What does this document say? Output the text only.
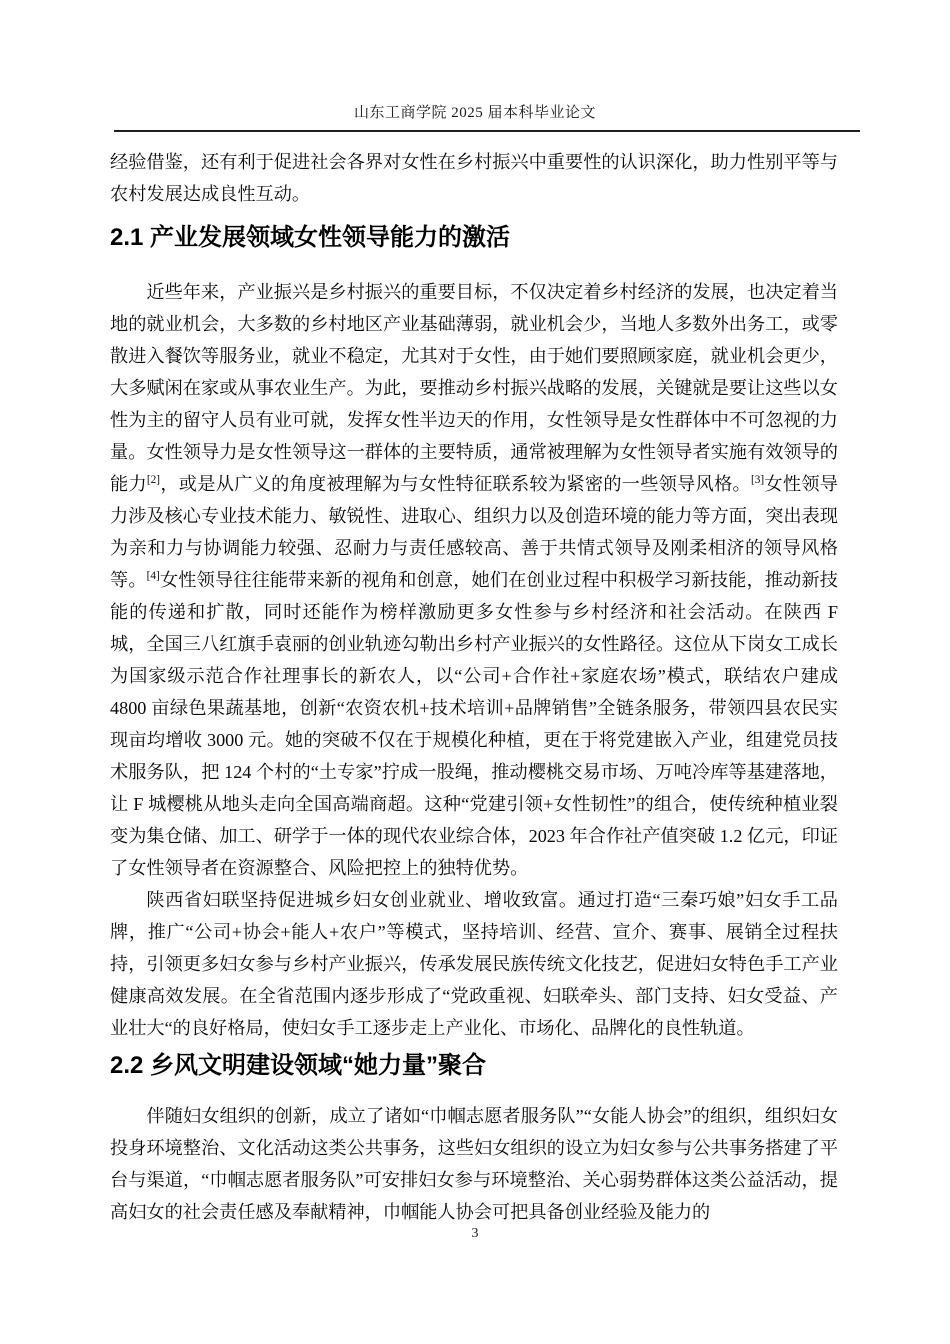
山东工商学院 2025 届本科毕业论文

经验借鉴，还有利于促进社会各界对女性在乡村振兴中重要性的认识深化，助力性别平等与农村发展达成良性互动。

2.1 产业发展领域女性领导能力的激活

近些年来，产业振兴是乡村振兴的重要目标，不仅决定着乡村经济的发展，也决定着当地的就业机会，大多数的乡村地区产业基础薄弱，就业机会少，当地人多数外出务工，或零散进入餐饮等服务业，就业不稳定，尤其对于女性，由于她们要照顾家庭，就业机会更少，大多赋闲在家或从事农业生产。为此，要推动乡村振兴战略的发展，关键就是要让这些以女性为主的留守人员有业可就，发挥女性半边天的作用，女性领导是女性群体中不可忽视的力量。女性领导力是女性领导这一群体的主要特质，通常被理解为女性领导者实施有效领导的能力[2]，或是从广义的角度被理解为与女性特征联系较为紧密的一些领导风格。[3]女性领导力涉及核心专业技术能力、敏锐性、进取心、组织力以及创造环境的能力等方面，突出表现为亲和力与协调能力较强、忍耐力与责任感较高、善于共情式领导及刚柔相济的领导风格等。[4]女性领导往往能带来新的视角和创意，她们在创业过程中积极学习新技能，推动新技能的传递和扩散，同时还能作为榜样激励更多女性参与乡村经济和社会活动。在陕西 F 城，全国三八红旗手袁丽的创业轨迹勾勒出乡村产业振兴的女性路径。这位从下岗女工成长为国家级示范合作社理事长的新农人，以“公司+合作社+家庭农场”模式，联结农户建成 4800 亩绿色果蔬基地，创新“农资农机+技术培训+品牌销售”全链条服务，带领四县农民实现亩均增收 3000 元。她的突破不仅在于规模化种植，更在于将党建嵌入产业，组建党员技术服务队，把 124 个村的“土专家”拧成一股绳，推动樱桃交易市场、万吨冷库等基建落地，让 F 城樱桃从地头走向全国高端商超。这种“党建引领+女性韧性”的组合，使传统种植业裂变为集仓储、加工、研学于一体的现代农业综合体，2023 年合作社产值突破 1.2 亿元，印证了女性领导者在资源整合、风险把控上的独特优势。

陕西省妇联坚持促进城乡妇女创业就业、增收致富。通过打造“三秦巧娘”妇女手工品牌，推广“公司+协会+能人+农户”等模式，坚持培训、经营、宣介、赛事、展销全过程扶持，引领更多妇女参与乡村产业振兴，传承发展民族传统文化技艺，促进妇女特色手工产业健康高效发展。在全省范围内逐步形成了“党政重视、妇联牵头、部门支持、妇女受益、产业壮大“的良好格局，使妇女手工逐步走上产业化、市场化、品牌化的良性轨道。

2.2 乡风文明建设领域“她力量”聚合

伴随妇女组织的创新，成立了诸如“巾帼志愿者服务队”“女能人协会”的组织，组织妇女投身环境整治、文化活动这类公共事务，这些妇女组织的设立为妇女参与公共事务搭建了平台与渠道，“巾帼志愿者服务队”可安排妇女参与环境整治、关心弱势群体这类公益活动，提高妇女的社会责任感及奉献精神，巾帼能人协会可把具备创业经验及能力的

3
